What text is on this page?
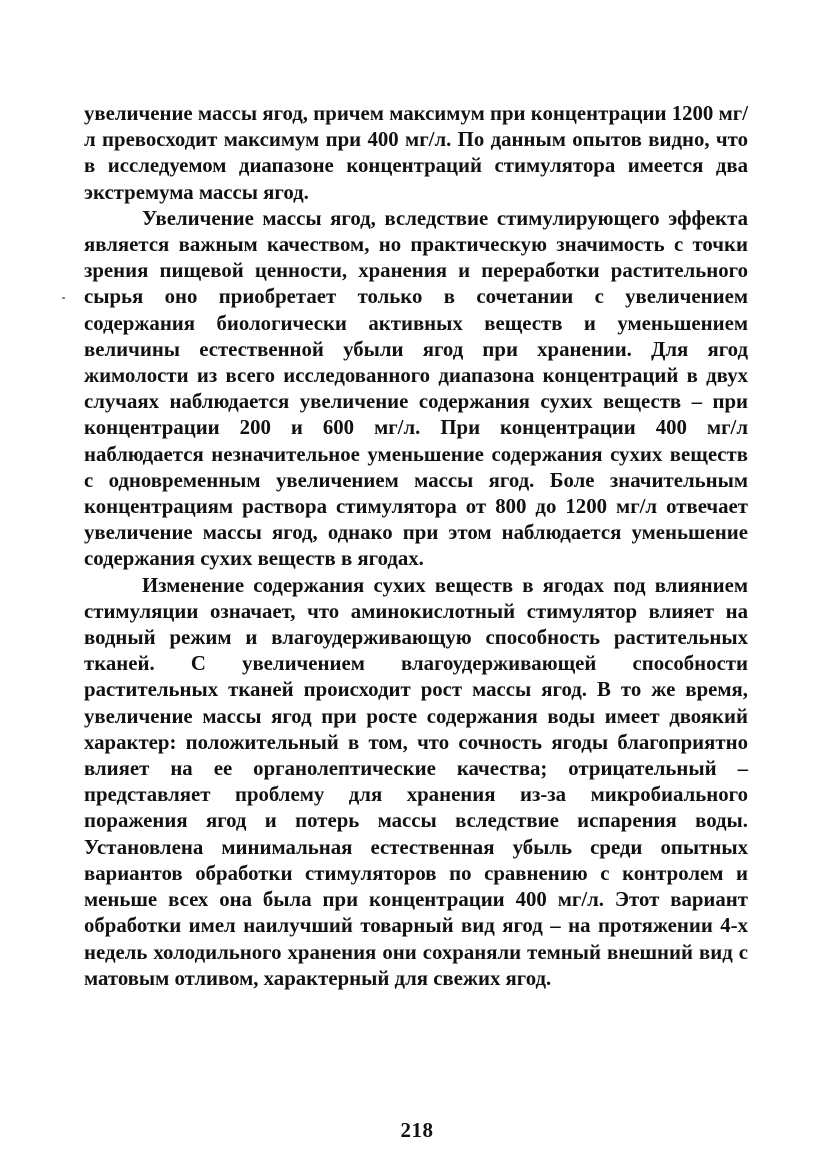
увеличение массы ягод, причем максимум при концентрации 1200 мг/л превосходит максимум при 400 мг/л. По данным опытов видно, что в исследуемом диапазоне концентраций стимулятора имеется два экстремума массы ягод.

Увеличение массы ягод, вследствие стимулирующего эффекта является важным качеством, но практическую значимость с точки зрения пищевой ценности, хранения и переработки растительного сырья оно приобретает только в сочетании с увеличением содержания биологически активных веществ и уменьшением величины естественной убыли ягод при хранении. Для ягод жимолости из всего исследованного диапазона концентраций в двух случаях наблюдается увеличение содержания сухих веществ – при концентрации 200 и 600 мг/л. При концентрации 400 мг/л наблюдается незначительное уменьшение содержания сухих веществ с одновременным увеличением массы ягод. Боле значительным концентрациям раствора стимулятора от 800 до 1200 мг/л отвечает увеличение массы ягод, однако при этом наблюдается уменьшение содержания сухих веществ в ягодах.

Изменение содержания сухих веществ в ягодах под влиянием стимуляции означает, что аминокислотный стимулятор влияет на водный режим и влагоудерживающую способность растительных тканей. С увеличением влагоудерживающей способности растительных тканей происходит рост массы ягод. В то же время, увеличение массы ягод при росте содержания воды имеет двоякий характер: положительный в том, что сочность ягоды благоприятно влияет на ее органолептические качества; отрицательный – представляет проблему для хранения из-за микробиального поражения ягод и потерь массы вследствие испарения воды. Установлена минимальная естественная убыль среди опытных вариантов обработки стимуляторов по сравнению с контролем и меньше всех она была при концентрации 400 мг/л. Этот вариант обработки имел наилучший товарный вид ягод – на протяжении 4-х недель холодильного хранения они сохраняли темный внешний вид с матовым отливом, характерный для свежих ягод.

218
